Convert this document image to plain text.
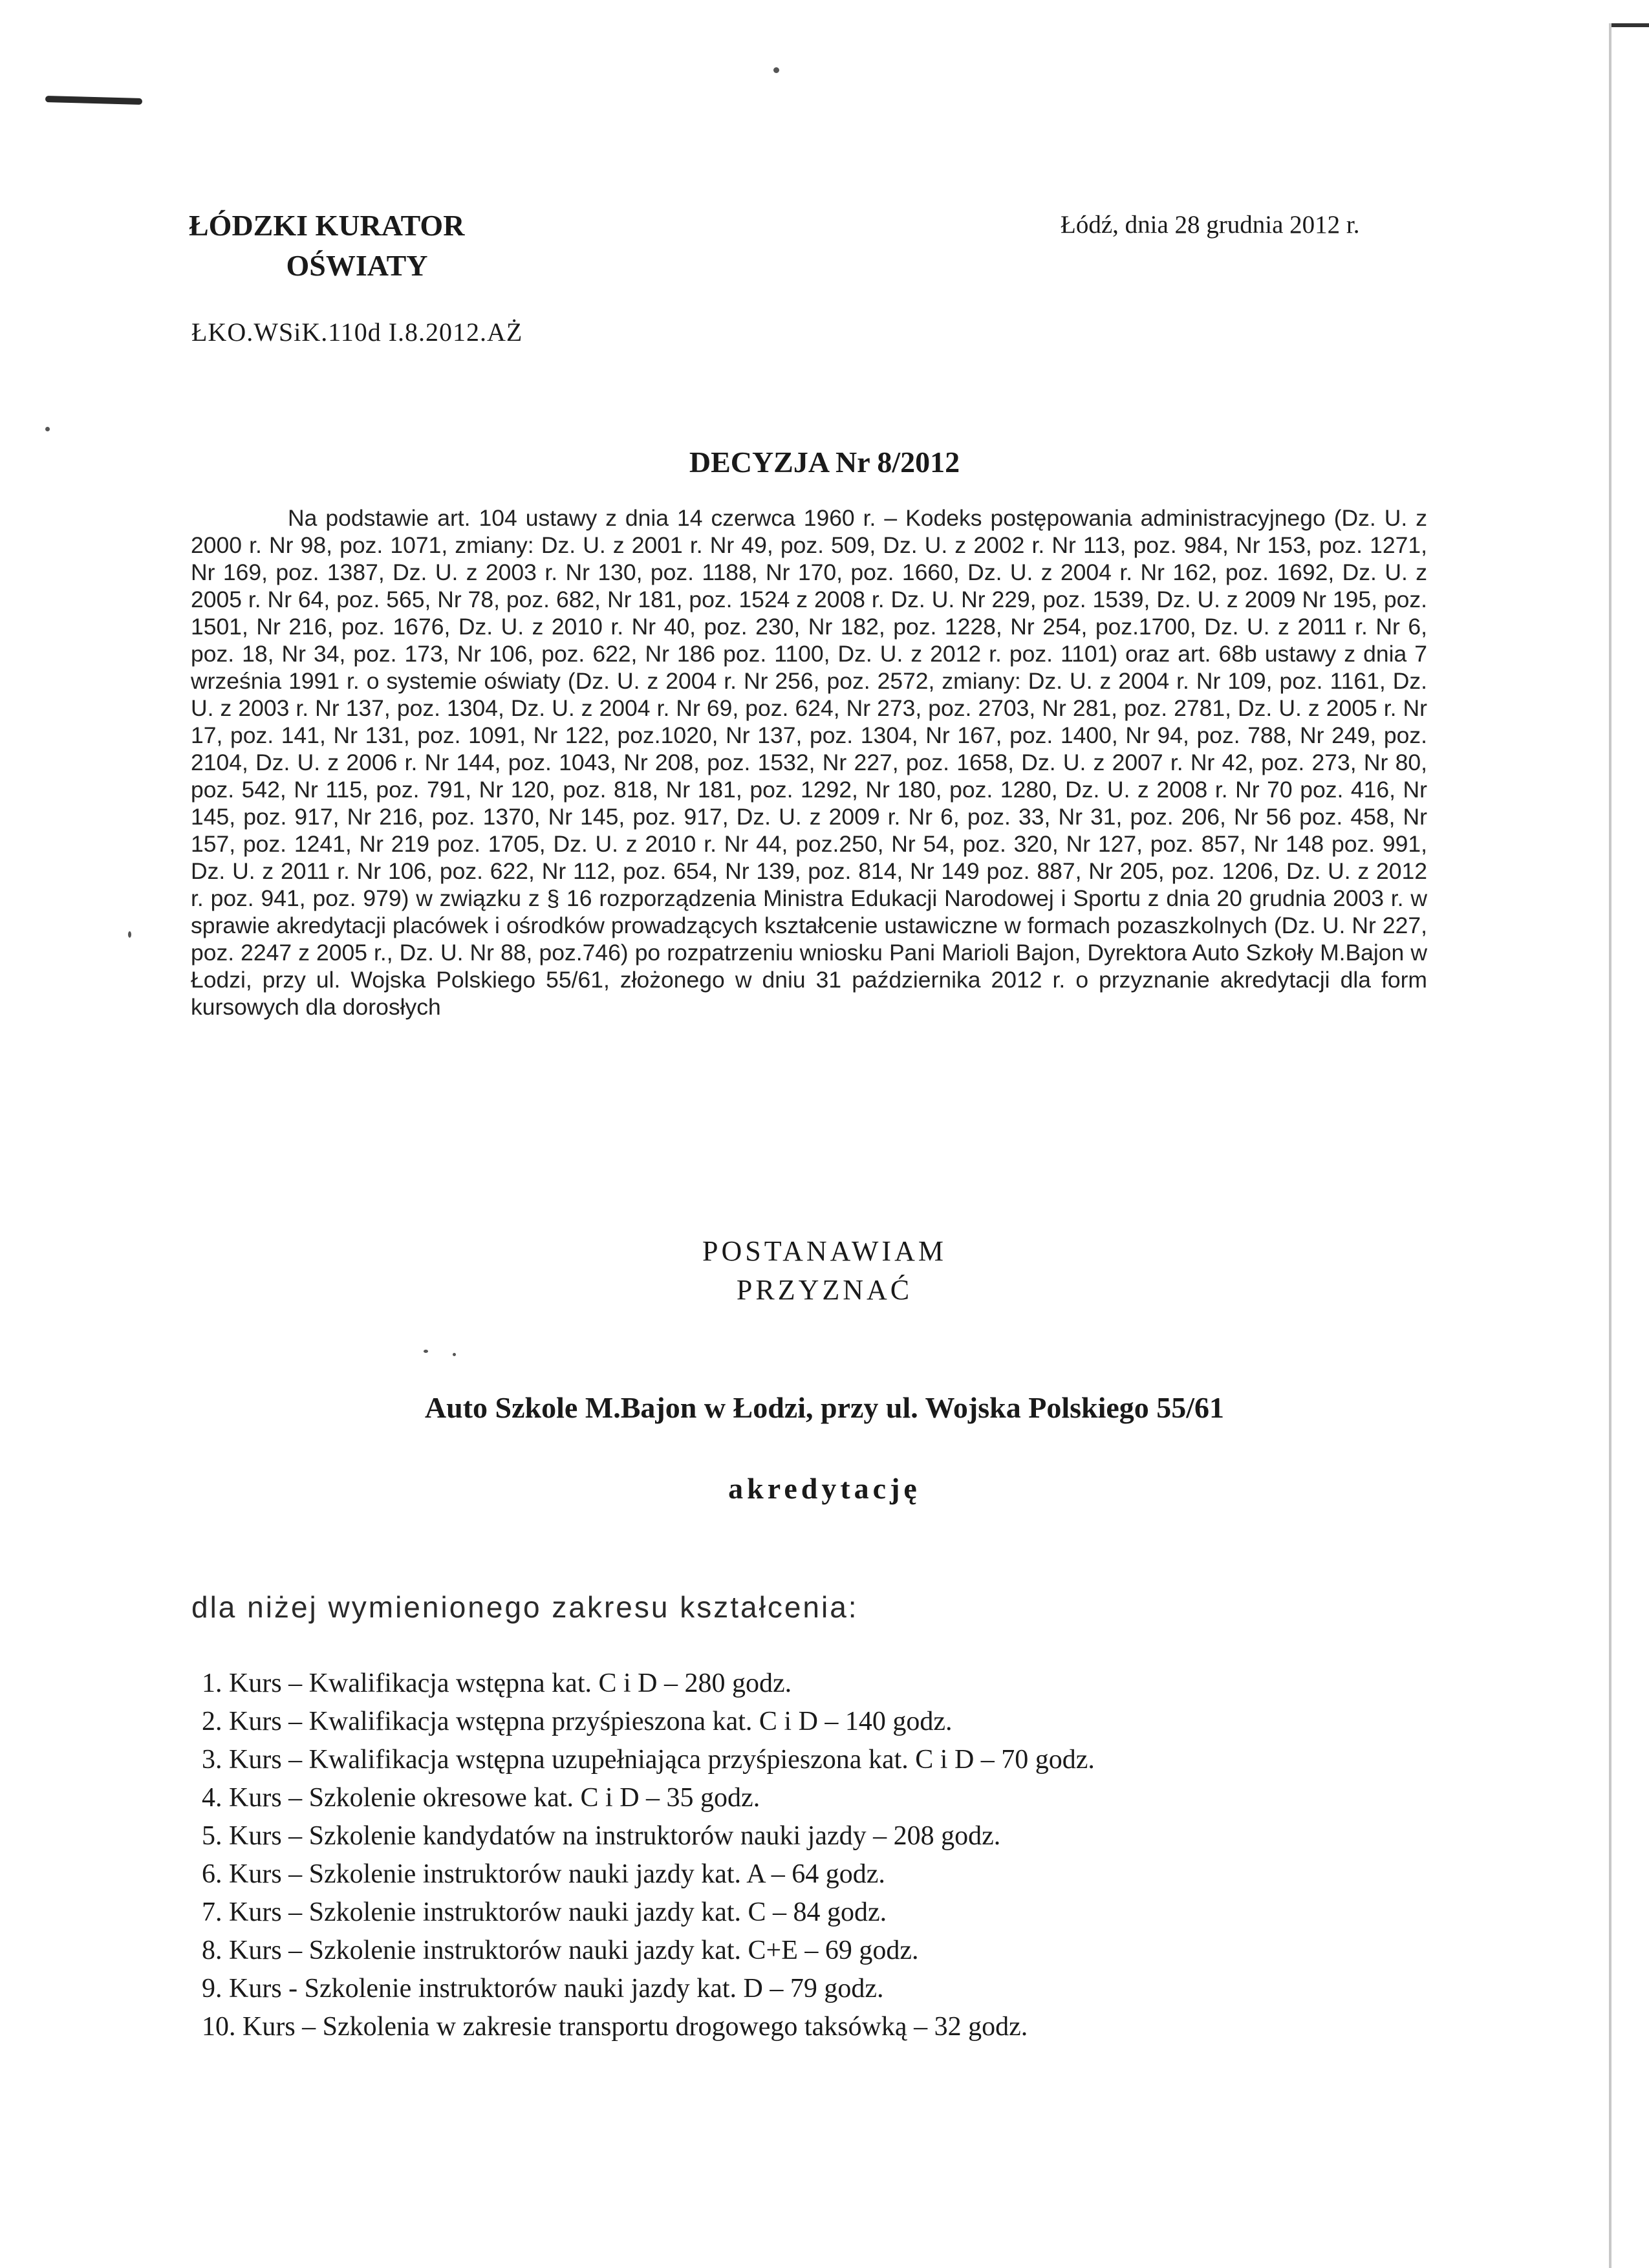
ŁÓDZKI KURATOR
OŚWIATY
Łódź, dnia 28 grudnia 2012 r.
ŁKO.WSiK.110d I.8.2012.AŻ
DECYZJA Nr 8/2012
Na podstawie art. 104 ustawy z dnia 14 czerwca 1960 r. – Kodeks postępowania administracyjnego (Dz. U. z 2000 r. Nr 98, poz. 1071, zmiany: Dz. U. z 2001 r. Nr 49, poz. 509, Dz. U. z 2002 r. Nr 113, poz. 984, Nr 153, poz. 1271, Nr 169, poz. 1387, Dz. U. z 2003 r. Nr 130, poz. 1188, Nr 170, poz. 1660, Dz. U. z 2004 r. Nr 162, poz. 1692, Dz. U. z 2005 r. Nr 64, poz. 565, Nr 78, poz. 682, Nr 181, poz. 1524 z 2008 r. Dz. U. Nr 229, poz. 1539, Dz. U. z 2009 Nr 195, poz. 1501, Nr 216, poz. 1676, Dz. U. z 2010 r. Nr 40, poz. 230, Nr 182, poz. 1228, Nr 254, poz.1700, Dz. U. z 2011 r. Nr 6, poz. 18, Nr 34, poz. 173, Nr 106, poz. 622, Nr 186 poz. 1100, Dz. U. z 2012 r. poz. 1101) oraz art. 68b ustawy z dnia 7 września 1991 r. o systemie oświaty (Dz. U. z 2004 r. Nr 256, poz. 2572, zmiany: Dz. U. z 2004 r. Nr 109, poz. 1161, Dz. U. z 2003 r. Nr 137, poz. 1304, Dz. U. z 2004 r. Nr 69, poz. 624, Nr 273, poz. 2703, Nr 281, poz. 2781, Dz. U. z 2005 r. Nr 17, poz. 141, Nr 131, poz. 1091, Nr 122, poz.1020, Nr 137, poz. 1304, Nr 167, poz. 1400, Nr 94, poz. 788, Nr 249, poz. 2104, Dz. U. z 2006 r. Nr 144, poz. 1043, Nr 208, poz. 1532, Nr 227, poz. 1658, Dz. U. z 2007 r. Nr 42, poz. 273, Nr 80, poz. 542, Nr 115, poz. 791, Nr 120, poz. 818, Nr 181, poz. 1292, Nr 180, poz. 1280, Dz. U. z 2008 r. Nr 70 poz. 416, Nr 145, poz. 917, Nr 216, poz. 1370, Nr 145, poz. 917, Dz. U. z 2009 r. Nr 6, poz. 33, Nr 31, poz. 206, Nr 56 poz. 458, Nr 157, poz. 1241, Nr 219 poz. 1705, Dz. U. z 2010 r. Nr 44, poz.250, Nr 54, poz. 320, Nr 127, poz. 857, Nr 148 poz. 991, Dz. U. z 2011 r. Nr 106, poz. 622, Nr 112, poz. 654, Nr 139, poz. 814, Nr 149 poz. 887, Nr 205, poz. 1206, Dz. U. z 2012 r. poz. 941, poz. 979) w związku z § 16 rozporządzenia Ministra Edukacji Narodowej i Sportu z dnia 20 grudnia 2003 r. w sprawie akredytacji placówek i ośrodków prowadzących kształcenie ustawiczne w formach pozaszkolnych (Dz. U. Nr 227, poz. 2247 z 2005 r., Dz. U. Nr 88, poz.746) po rozpatrzeniu wniosku Pani Marioli Bajon, Dyrektora Auto Szkoły M.Bajon w Łodzi, przy ul. Wojska Polskiego 55/61, złożonego w dniu 31 października 2012 r. o przyznanie akredytacji dla form kursowych dla dorosłych
POSTANAWIAM
PRZYZNAĆ
Auto Szkole M.Bajon w Łodzi, przy ul. Wojska Polskiego 55/61
akredytację
dla niżej wymienionego zakresu kształcenia:
1. Kurs – Kwalifikacja wstępna kat. C i D – 280 godz.
2. Kurs – Kwalifikacja wstępna przyśpieszona kat. C i D – 140 godz.
3. Kurs – Kwalifikacja wstępna uzupełniająca przyśpieszona kat. C i D – 70 godz.
4. Kurs – Szkolenie okresowe kat. C i D – 35 godz.
5. Kurs – Szkolenie kandydatów na instruktorów nauki jazdy – 208 godz.
6. Kurs – Szkolenie instruktorów nauki jazdy kat. A – 64 godz.
7. Kurs – Szkolenie instruktorów nauki jazdy kat. C – 84 godz.
8. Kurs – Szkolenie instruktorów nauki jazdy kat. C+E – 69 godz.
9. Kurs - Szkolenie instruktorów nauki jazdy kat. D – 79 godz.
10. Kurs – Szkolenia w zakresie transportu drogowego taksówką – 32 godz.
